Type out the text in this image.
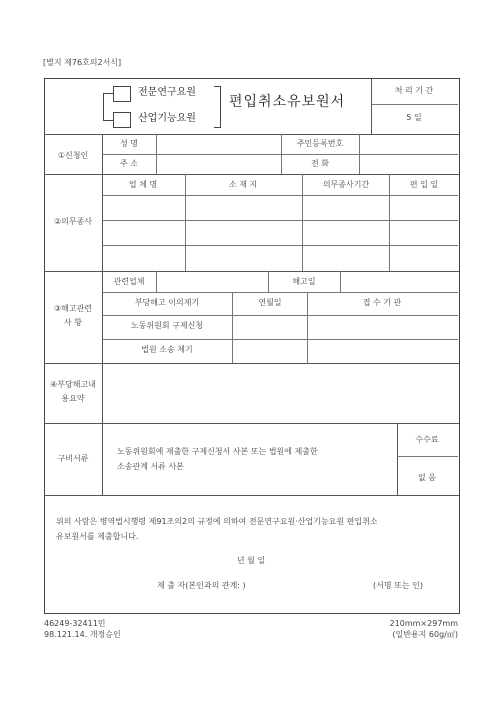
[별지 제76호의2서식]
전문연구요원
산업기능요원
편입취소유보원서
처 리 기 간
5 일
①신청인
성 명	주민등록번호
주 소	전 화
②의무종사
업 체 명	소 재 지	의무종사기간	편 입 일
③해고관련
사 항
관련업체	해고일
부당해고 이의제기	연월일	접 수 기 관
노동위원회 구제신청
법원 소송 제기
④부당해고내
용요약
구비서류
노동위원회에 제출한 구제신청서 사본 또는 법원에 제출한
소송관계 서류 사본
수수료
없 음
위의 사람은 병역법시행령 제91조의2의 규정에 의하여 전문연구요원·산업기능요원 편입취소
유보원서를 제출합니다.
년 월 일
제 출 자(본인과의 관계: )	(서명 또는 인)
46249-32411민
98.121.14. 개정승인
210mm×297mm
(일반용지 60g/㎡)
